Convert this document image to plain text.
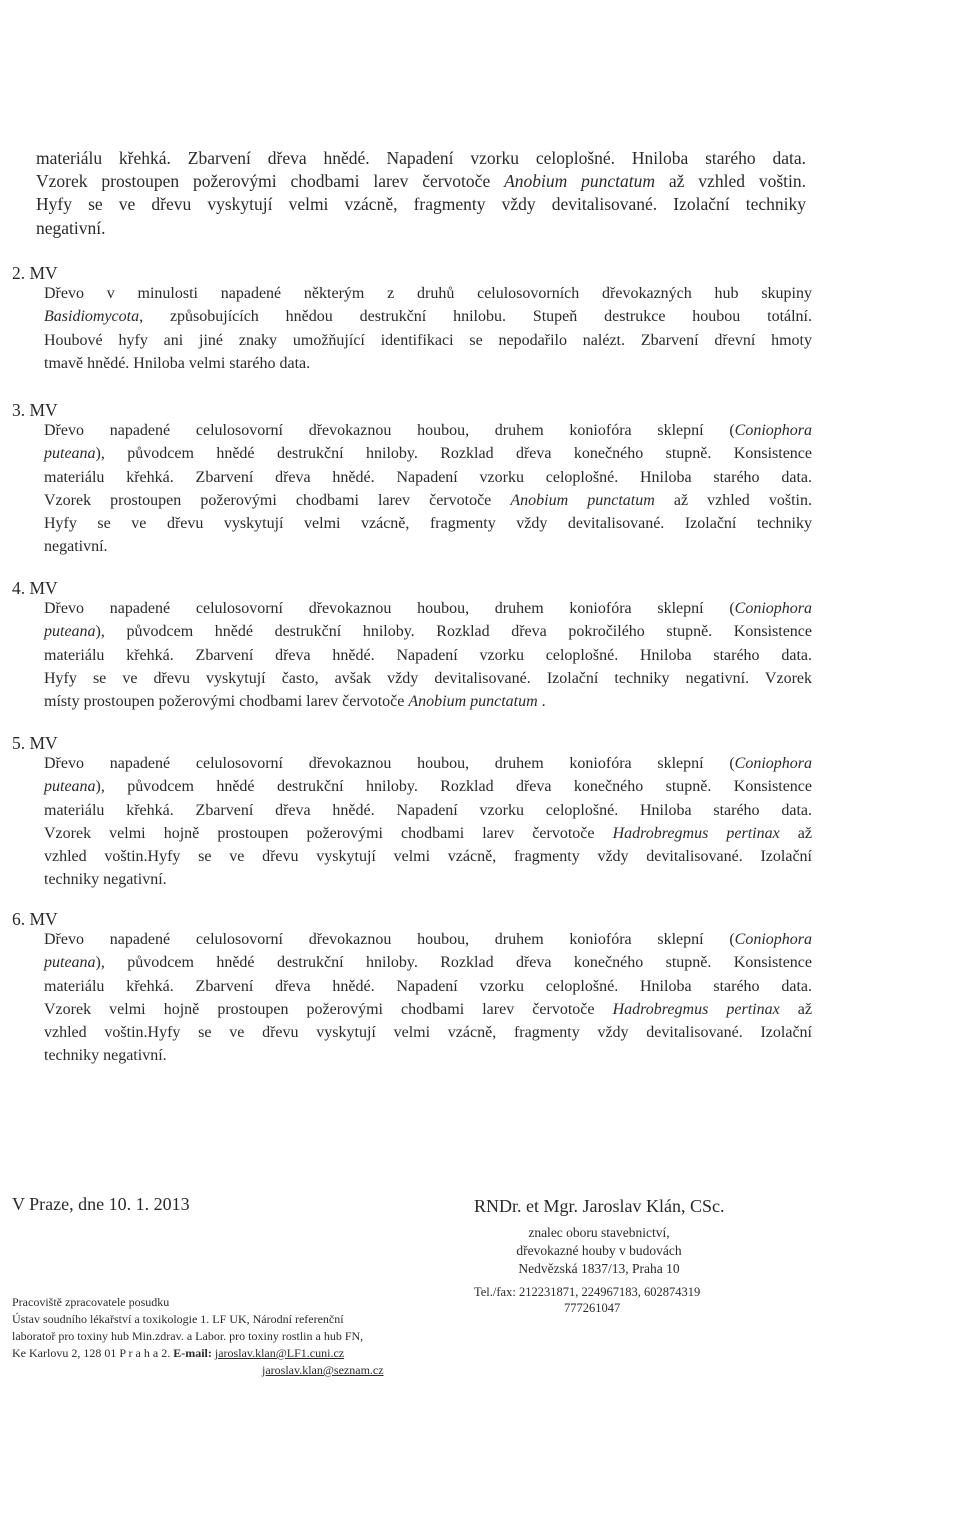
materiálu křehká. Zbarvení dřeva hnědé. Napadení vzorku celoplošné. Hniloba starého data.
Vzorek prostoupen požerovými chodbami larev červotoče Anobium punctatum až vzhled voštin.
Hyfy se ve dřevu vyskytují velmi vzácně, fragmenty vždy devitalisované. Izolační techniky
negativní.
2. MV
Dřevo v minulosti napadené některým z druhů celulosovorních dřevokazných hub skupiny
Basidiomycota, způsobujících hnědou destrukční hnilobu. Stupeň destrukce houbou totální.
Houbové hyfy ani jiné znaky umožňující identifikaci se nepodařilo nalézt. Zbarvení dřevní hmoty
tmavě hnědé. Hniloba velmi starého data.
3. MV
Dřevo napadené celulosovorní dřevokaznou houbou, druhem koniofóra sklepní (Coniophora
puteana), původcem hnědé destrukční hniloby. Rozklad dřeva konečného stupně. Konsistence
materiálu křehká. Zbarvení dřeva hnědé. Napadení vzorku celoplošné. Hniloba starého data.
Vzorek prostoupen požerovými chodbami larev červotoče Anobium punctatum až vzhled voštin.
Hyfy se ve dřevu vyskytují velmi vzácně, fragmenty vždy devitalisované. Izolační techniky
negativní.
4. MV
Dřevo napadené celulosovorní dřevokaznou houbou, druhem koniofóra sklepní (Coniophora
puteana), původcem hnědé destrukční hniloby. Rozklad dřeva pokročilého stupně. Konsistence
materiálu křehká. Zbarvení dřeva hnědé. Napadení vzorku celoplošné. Hniloba starého data.
Hyfy se ve dřevu vyskytují často, avšak vždy devitalisované. Izolační techniky negativní. Vzorek
místy prostoupen požerovými chodbami larev červotoče Anobium punctatum .
5. MV
Dřevo napadené celulosovorní dřevokaznou houbou, druhem koniofóra sklepní (Coniophora
puteana), původcem hnědé destrukční hniloby. Rozklad dřeva konečného stupně. Konsistence
materiálu křehká. Zbarvení dřeva hnědé. Napadení vzorku celoplošné. Hniloba starého data.
Vzorek velmi hojně prostoupen požerovými chodbami larev červotoče Hadrobregmus pertinax až
vzhled voštin.Hyfy se ve dřevu vyskytují velmi vzácně, fragmenty vždy devitalisované. Izolační
techniky negativní.
6. MV
Dřevo napadené celulosovorní dřevokaznou houbou, druhem koniofóra sklepní (Coniophora
puteana), původcem hnědé destrukční hniloby. Rozklad dřeva konečného stupně. Konsistence
materiálu křehká. Zbarvení dřeva hnědé. Napadení vzorku celoplošné. Hniloba starého data.
Vzorek velmi hojně prostoupen požerovými chodbami larev červotoče Hadrobregmus pertinax až
vzhled voštin.Hyfy se ve dřevu vyskytují velmi vzácně, fragmenty vždy devitalisované. Izolační
techniky negativní.
V Praze, dne 10. 1. 2013	RNDr. et Mgr. Jaroslav Klán, CSc.
znalec oboru stavebnictví,
dřevokazné houby v budovách
Nedvězská 1837/13, Praha 10
Tel./fax: 212231871, 224967183, 602874319
777261047
Pracoviště zpracovatele posudku
Ústav soudního lékařství a toxikologie 1. LF UK, Národní referenční
laboratoř pro toxiny hub Min.zdrav. a Labor. pro toxiny rostlin a hub FN,
Ke Karlovu 2, 128 01 P r a h a 2. E-mail: jaroslav.klan@LF1.cuni.cz
jaroslav.klan@seznam.cz
